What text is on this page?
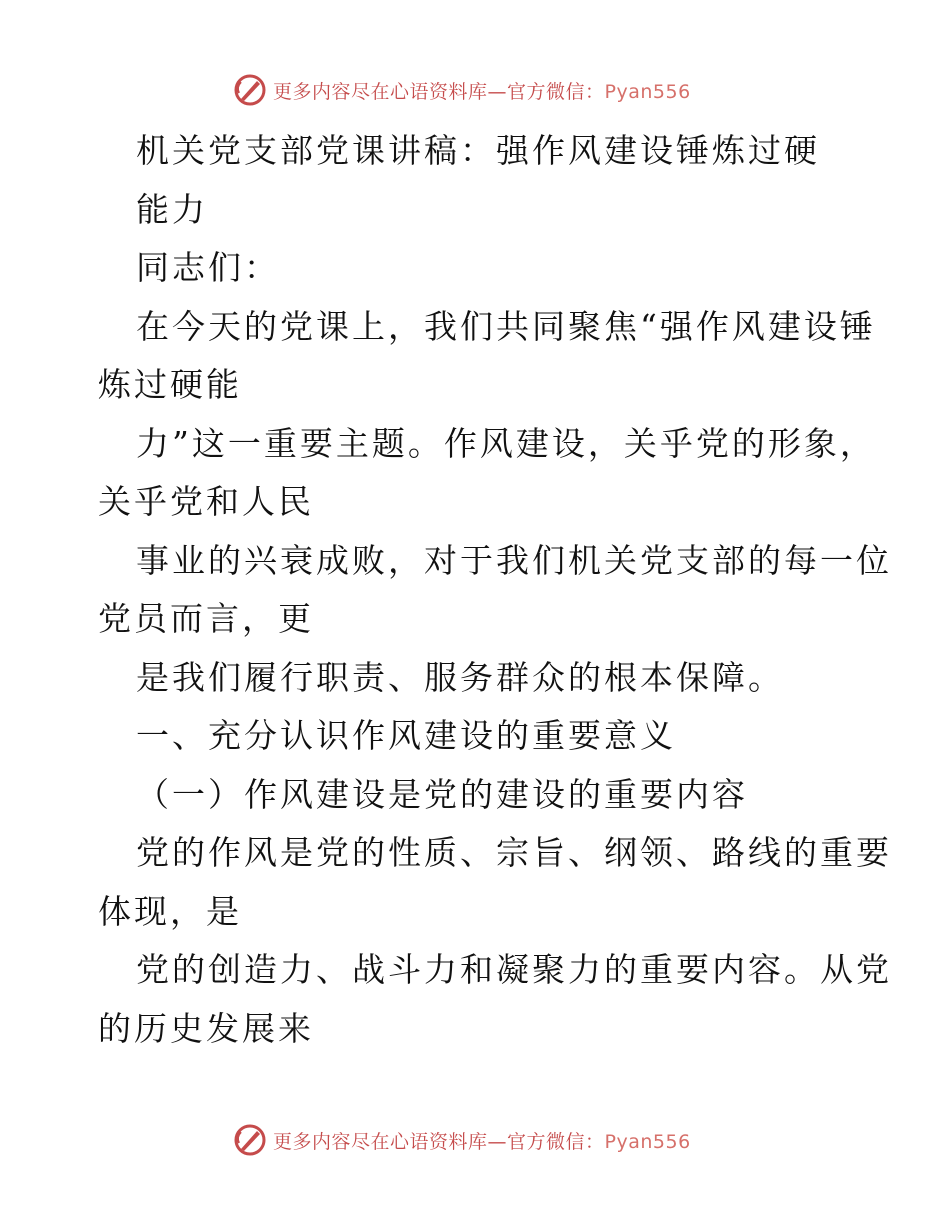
更多内容尽在心语资料库—官方微信：Pyan556
机关党支部党课讲稿：强作风建设锤炼过硬
能力
同志们：
在今天的党课上，我们共同聚焦“强作风建设锤
炼过硬能
力”这一重要主题。作风建设，关乎党的形象，
关乎党和人民
事业的兴衰成败，对于我们机关党支部的每一位
党员而言，更
是我们履行职责、服务群众的根本保障。
一、充分认识作风建设的重要意义
（一）作风建设是党的建设的重要内容
党的作风是党的性质、宗旨、纲领、路线的重要
体现，是
党的创造力、战斗力和凝聚力的重要内容。从党
的历史发展来
更多内容尽在心语资料库—官方微信：Pyan556
